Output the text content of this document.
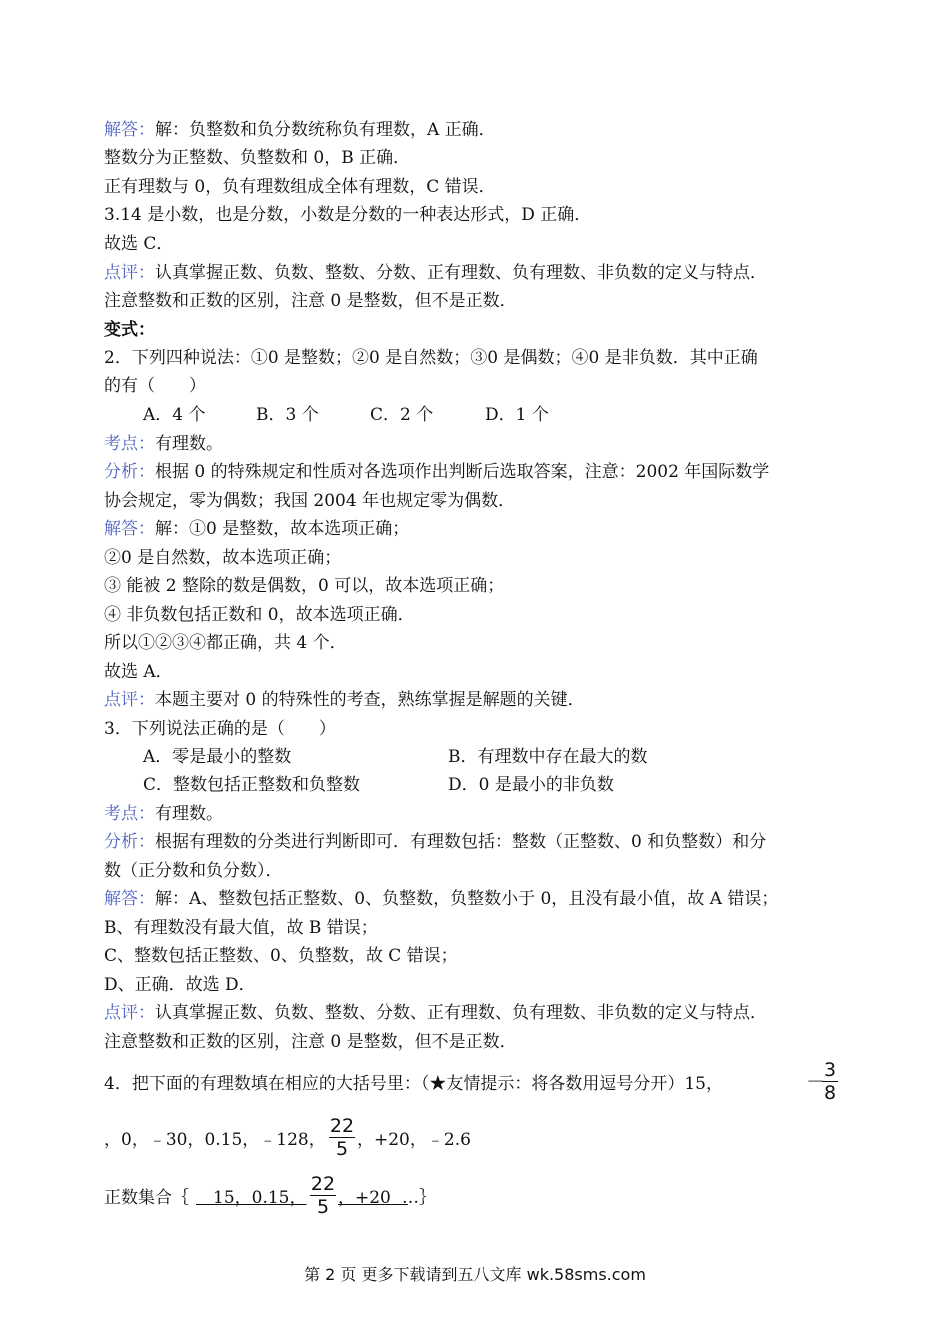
解答：解：负整数和负分数统称负有理数，A 正确．
整数分为正整数、负整数和 0，B 正确．
正有理数与 0，负有理数组成全体有理数，C 错误．
3.14 是小数，也是分数，小数是分数的一种表达形式，D 正确．
故选 C．
点评：认真掌握正数、负数、整数、分数、正有理数、负有理数、非负数的定义与特点．
注意整数和正数的区别，注意 0 是整数，但不是正数．
变式：
2．下列四种说法：①0 是整数；②0 是自然数；③0 是偶数；④0 是非负数．其中正确
的有（　　）
A．4 个	B．3 个	C．2 个	D．1 个
考点：有理数。
分析：根据 0 的特殊规定和性质对各选项作出判断后选取答案，注意：2002 年国际数学
协会规定，零为偶数；我国 2004 年也规定零为偶数．
解答：解：①0 是整数，故本选项正确；
②0 是自然数，故本选项正确；
③ 能被 2 整除的数是偶数，0 可以，故本选项正确；
④ 非负数包括正数和 0，故本选项正确．
所以①②③④都正确，共 4 个．
故选 A．
点评：本题主要对 0 的特殊性的考查，熟练掌握是解题的关键．
3．下列说法正确的是（　　）
A．零是最小的整数	B．有理数中存在最大的数
C．整数包括正整数和负整数	D．0 是最小的非负数
考点：有理数。
分析：根据有理数的分类进行判断即可．有理数包括：整数（正整数、0 和负整数）和分
数（正分数和负分数）．
解答：解：A、整数包括正整数、0、负整数，负整数小于 0，且没有最小值，故 A 错误；
B、有理数没有最大值，故 B 错误；
C、整数包括正整数、0、负整数，故 C 错误；
D、正确．故选 D．
点评：认真掌握正数、负数、整数、分数、正有理数、负有理数、非负数的定义与特点．
注意整数和正数的区别，注意 0 是整数，但不是正数．
4．把下面的有理数填在相应的大括号里：（★友情提示：将各数用逗号分开）15，	－
3
8
，0，﹣30，0.15，﹣128，
22
5 ，+20，﹣2.6
正数集合｛ 　15，0.15，
22
5 ，+20　
…｝
第 2 页 更多下载请到五八文库 wk.58sms.com
